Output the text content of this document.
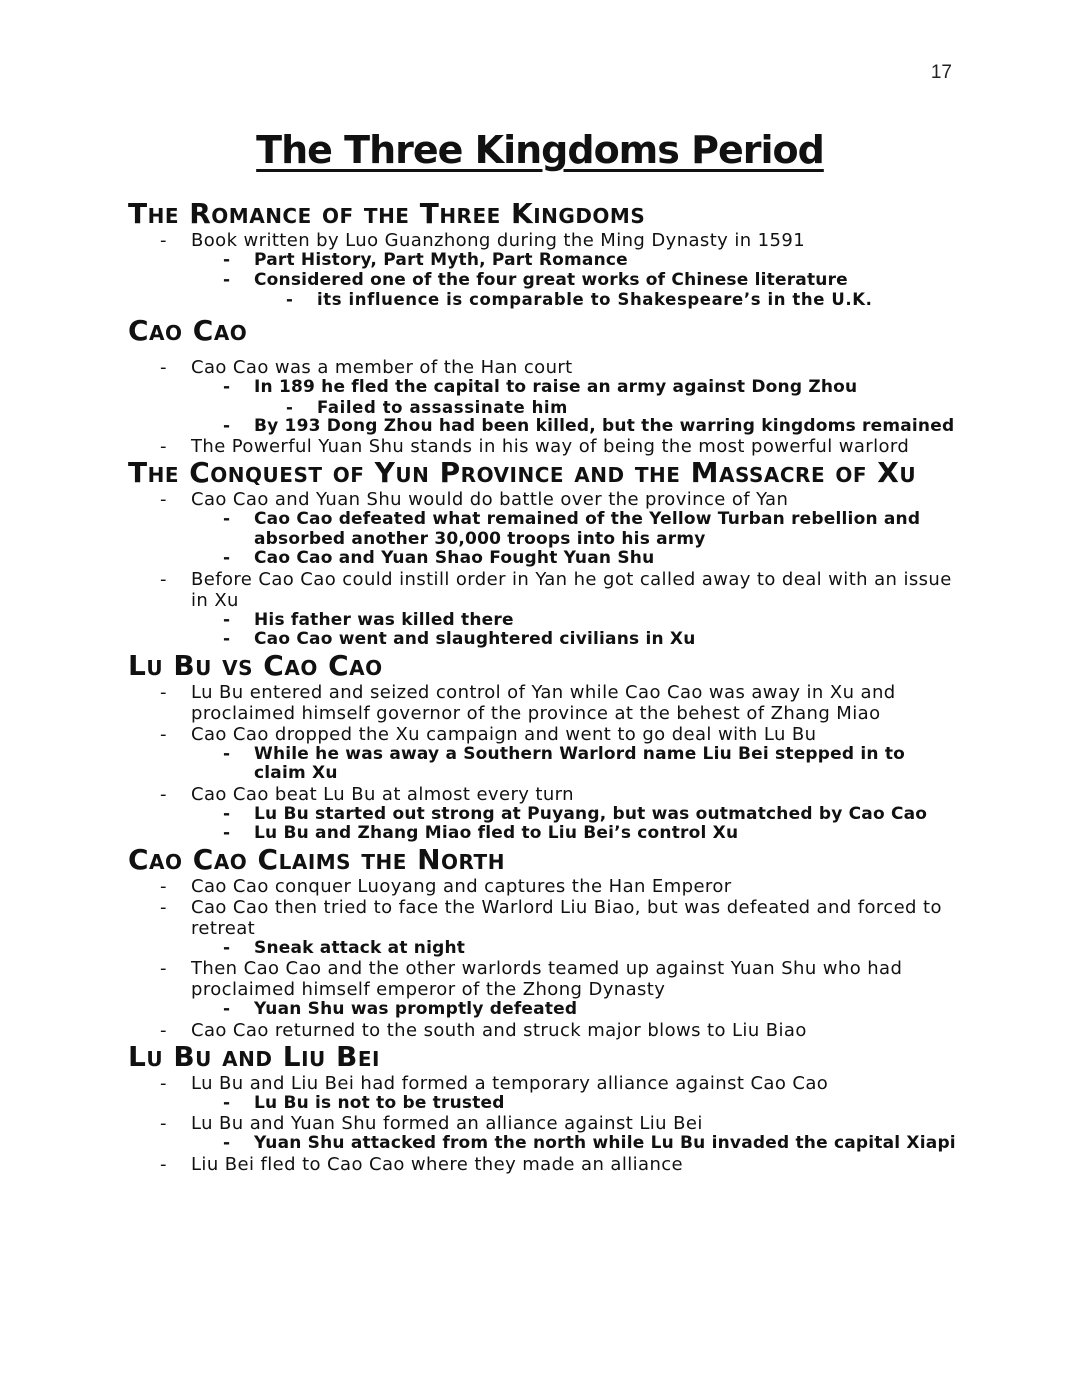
17
The Three Kingdoms Period
The Romance of the Three Kingdoms
- Book written by Luo Guanzhong during the Ming Dynasty in 1591
- Part History, Part Myth, Part Romance
- Considered one of the four great works of Chinese literature
- its influence is comparable to Shakespeare’s in the U.K.
Cao Cao
- Cao Cao was a member of the Han court
- In 189 he fled the capital to raise an army against Dong Zhou
- Failed to assassinate him
- By 193 Dong Zhou had been killed, but the warring kingdoms remained
- The Powerful Yuan Shu stands in his way of being the most powerful warlord
The Conquest of Yun Province and the Massacre of Xu
- Cao Cao and Yuan Shu would do battle over the province of Yan
- Cao Cao defeated what remained of the Yellow Turban rebellion and absorbed another 30,000 troops into his army
- Cao Cao and Yuan Shao Fought Yuan Shu
- Before Cao Cao could instill order in Yan he got called away to deal with an issue in Xu
- His father was killed there
- Cao Cao went and slaughtered civilians in Xu
Lu Bu vs Cao Cao
- Lu Bu entered and seized control of Yan while Cao Cao was away in Xu and proclaimed himself governor of the province at the behest of Zhang Miao
- Cao Cao dropped the Xu campaign and went to go deal with Lu Bu
- While he was away a Southern Warlord name Liu Bei stepped in to claim Xu
- Cao Cao beat Lu Bu at almost every turn
- Lu Bu started out strong at Puyang, but was outmatched by Cao Cao
- Lu Bu and Zhang Miao fled to Liu Bei’s control Xu
Cao Cao Claims the North
- Cao Cao conquer Luoyang and captures the Han Emperor
- Cao Cao then tried to face the Warlord Liu Biao, but was defeated and forced to retreat
- Sneak attack at night
- Then Cao Cao and the other warlords teamed up against Yuan Shu who had proclaimed himself emperor of the Zhong Dynasty
- Yuan Shu was promptly defeated
- Cao Cao returned to the south and struck major blows to Liu Biao
Lu Bu and Liu Bei
- Lu Bu and Liu Bei had formed a temporary alliance against Cao Cao
- Lu Bu is not to be trusted
- Lu Bu and Yuan Shu formed an alliance against Liu Bei
- Yuan Shu attacked from the north while Lu Bu invaded the capital Xiapi
- Liu Bei fled to Cao Cao where they made an alliance
